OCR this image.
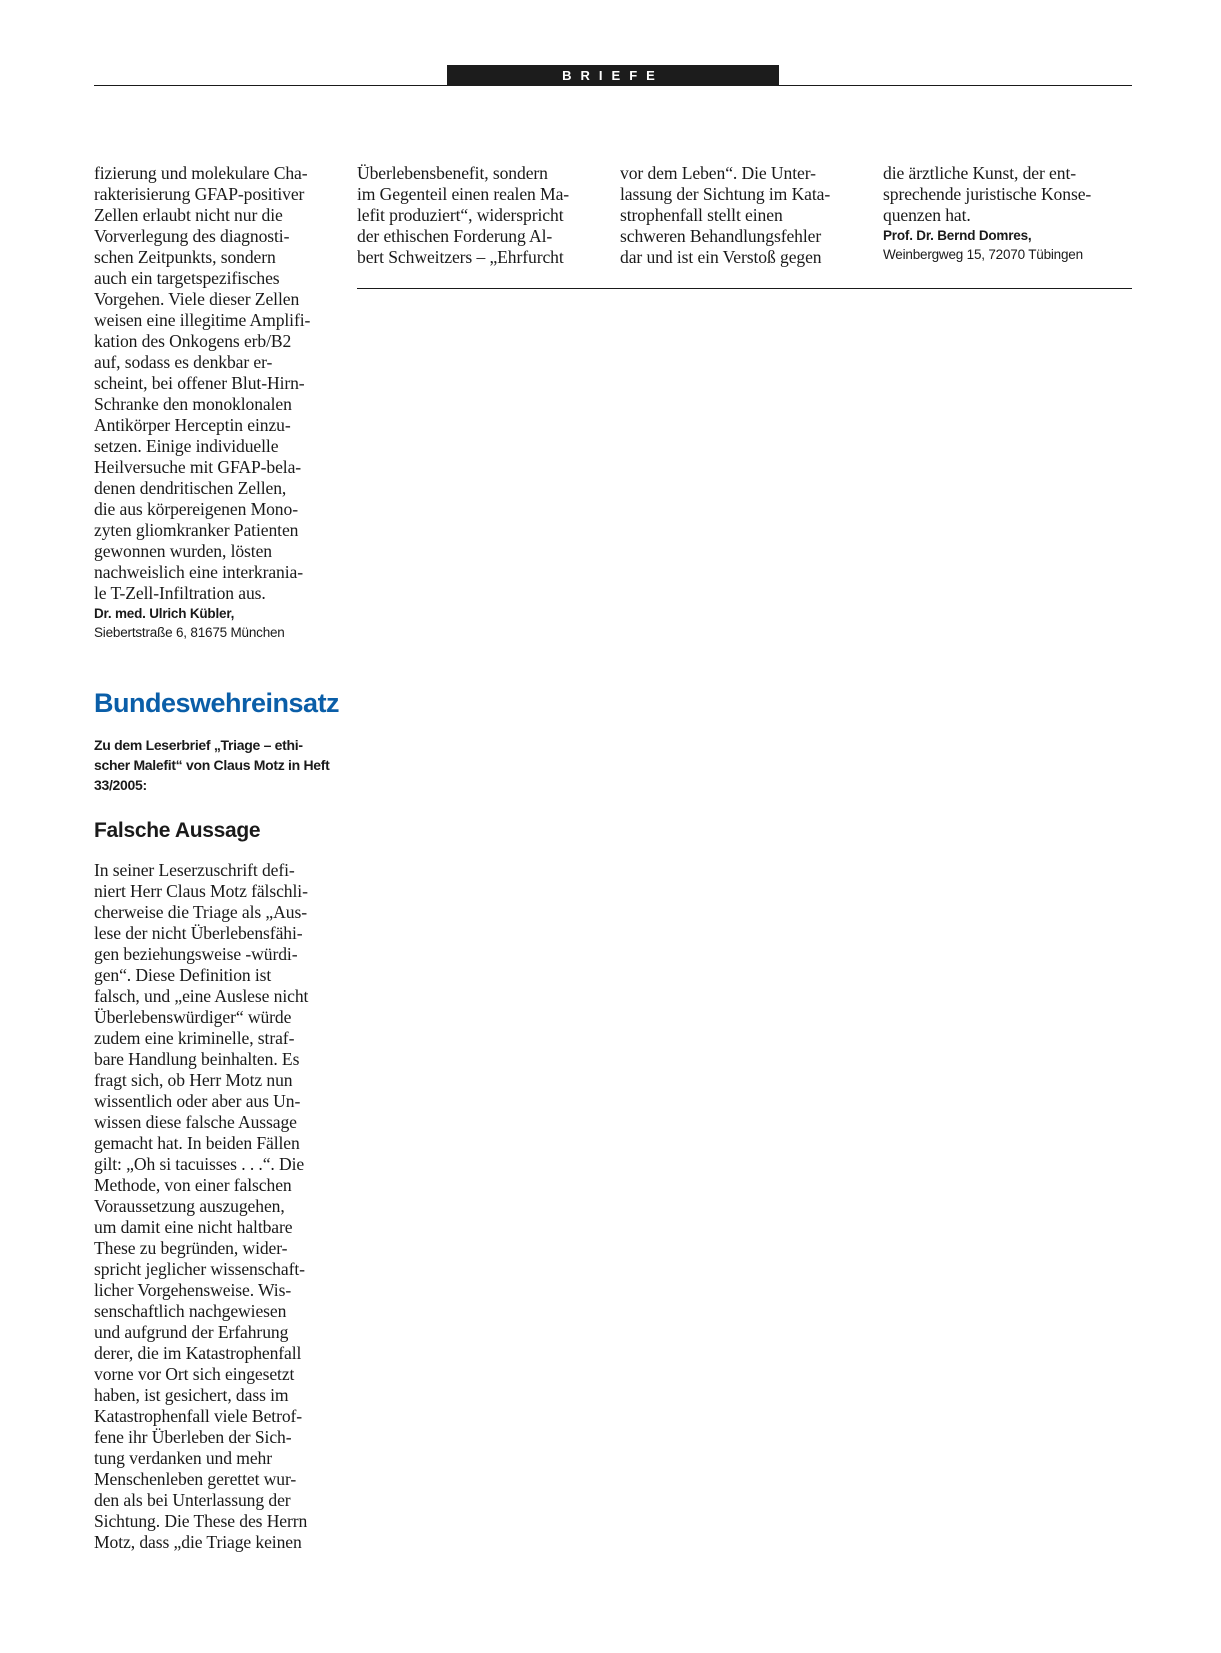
BRIEFE

fizierung und molekulare Cha-

rakterisierung GFAP-positiver

Zellen erlaubt nicht nur die

Vorverlegung des diagnosti-

schen Zeitpunkts, sondern

auch ein targetspezifisches

Vorgehen. Viele dieser Zellen

weisen eine illegitime Amplifi-

kation des Onkogens erb/B2

auf, sodass es denkbar er-

scheint, bei offener Blut-Hirn-

Schranke den monoklonalen

Antikörper Herceptin einzu-

setzen. Einige individuelle

Heilversuche mit GFAP-bela-

denen dendritischen Zellen,

die aus körpereigenen Mono-

zyten gliomkranker Patienten

gewonnen wurden, lösten

nachweislich eine interkrania-

le T-Zell-Infiltration aus.

Dr. med. Ulrich Kübler,

Siebertstraße 6, 81675 München

Bundeswehreinsatz

Zu dem Leserbrief „Triage – ethi-

scher Malefit“ von Claus Motz in Heft

33/2005:

Falsche Aussage

In seiner Leserzuschrift defi-

niert Herr Claus Motz fälschli-

cherweise die Triage als „Aus-

lese der nicht Überlebensfähi-

gen beziehungsweise -würdi-

gen“. Diese Definition ist

falsch, und „eine Auslese nicht

Überlebenswürdiger“ würde

zudem eine kriminelle, straf-

bare Handlung beinhalten. Es

fragt sich, ob Herr Motz nun

wissentlich oder aber aus Un-

wissen diese falsche Aussage

gemacht hat. In beiden Fällen

gilt: „Oh si tacuisses . . .“. Die

Methode, von einer falschen

Voraussetzung auszugehen,

um damit eine nicht haltbare

These zu begründen, wider-

spricht jeglicher wissenschaft-

licher Vorgehensweise. Wis-

senschaftlich nachgewiesen

und aufgrund der Erfahrung

derer, die im Katastrophenfall

vorne vor Ort sich eingesetzt

haben, ist gesichert, dass im

Katastrophenfall viele Betrof-

fene ihr Überleben der Sich-

tung verdanken und mehr

Menschenleben gerettet wur-

den als bei Unterlassung der

Sichtung. Die These des Herrn

Motz, dass „die Triage keinen

Überlebensbenefit, sondern

im Gegenteil einen realen Ma-

lefit produziert“, widerspricht

der ethischen Forderung Al-

bert Schweitzers – „Ehrfurcht

vor dem Leben“. Die Unter-

lassung der Sichtung im Kata-

strophenfall stellt einen

schweren Behandlungsfehler

dar und ist ein Verstoß gegen

die ärztliche Kunst, der ent-

sprechende juristische Konse-

quenzen hat.

Prof. Dr. Bernd Domres,

Weinbergweg 15, 72070 Tübingen
